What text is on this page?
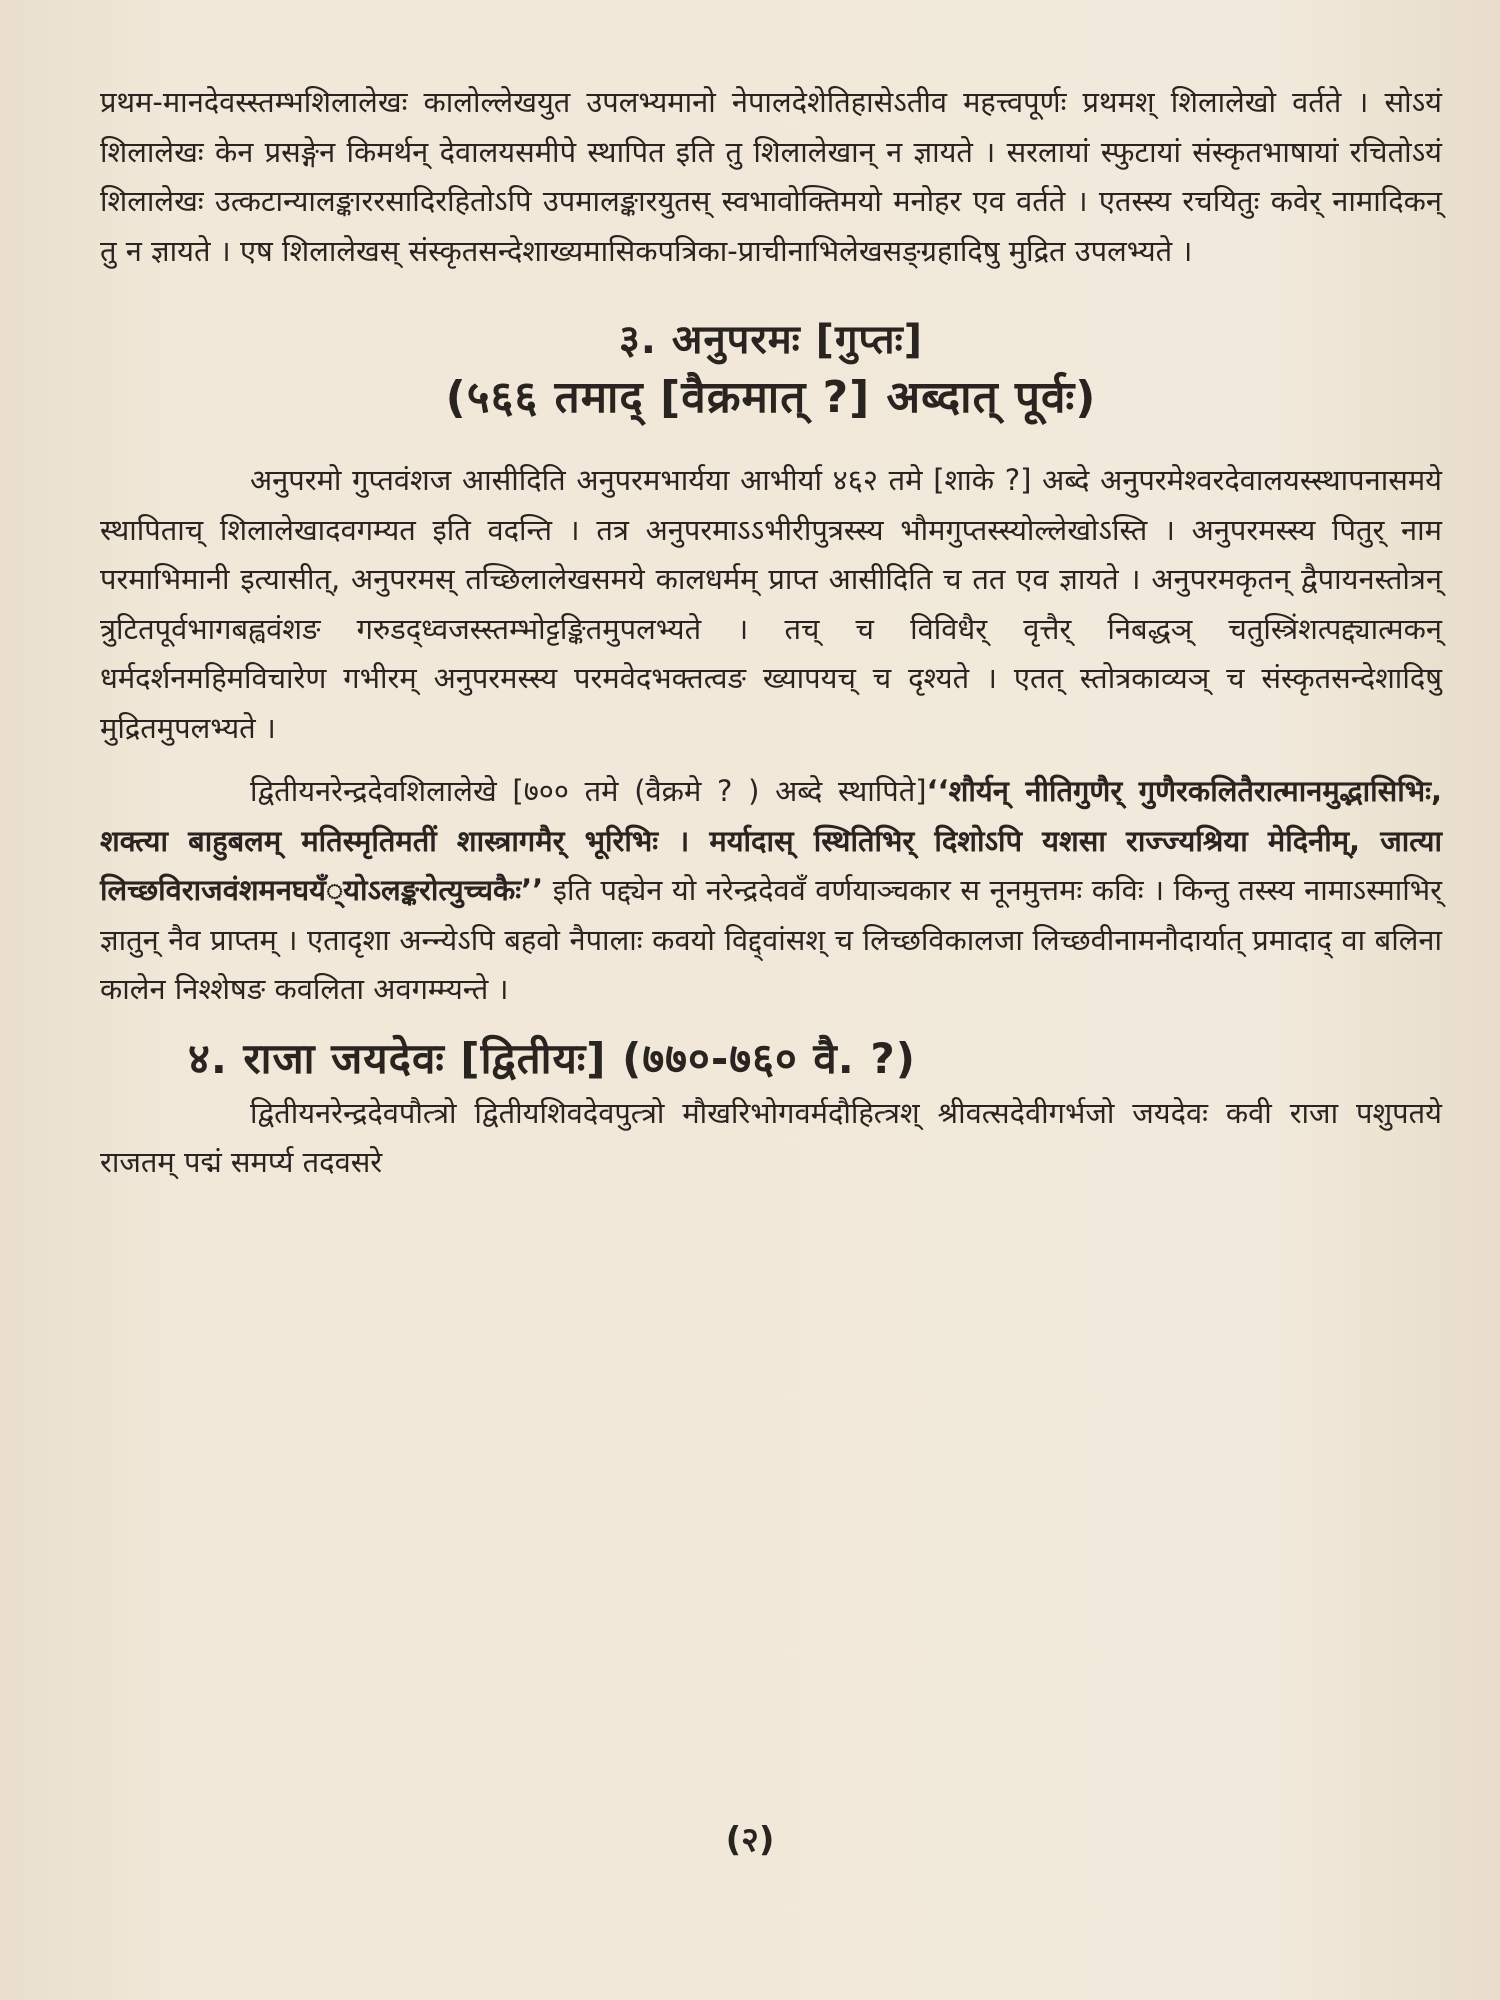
प्रथम-मानदेवस्स्तम्भशिलालेखः कालोल्लेखयुत उपलभ्यमानो नेपालदेशेतिहासेऽतीव महत्त्वपूर्णः प्रथमश् शिलालेखो वर्तते । सोऽयं शिलालेखः केन प्रसङ्गेन किमर्थन् देवालयसमीपे स्थापित इति तु शिलालेखान् न ज्ञायते । सरलायां स्फुटायां संस्कृतभाषायां रचितोऽयं शिलालेखः उत्कटान्यालङ्काररसादिरहितोऽपि उपमालङ्कारयुतस् स्वभावोक्तिमयो मनोहर एव वर्तते । एतस्स्य रचयितुः कवेर् नामादिकन् तु न ज्ञायते । एष शिलालेखस् संस्कृतसन्देशाख्यमासिकपत्रिका-प्राचीनाभिलेखसङ्ग्रहादिषु मुद्रित उपलभ्यते ।

३. अनुपरमः [गुप्तः]
(५६६ तमाद् [वैक्रमात् ?] अब्दात् पूर्वः)

अनुपरमो गुप्तवंशज आसीदिति अनुपरमभार्यया आभीर्या ४६२ तमे [शाके ?] अब्दे अनुपरमेश्वरदेवालयस्स्थापनासमये स्थापिताच् शिलालेखादवगम्यत इति वदन्ति । तत्र अनुपरमाऽऽभीरीपुत्रस्स्य भौमगुप्तस्स्योल्लेखोऽस्ति । अनुपरमस्स्य पितुर् नाम परमाभिमानी इत्यासीत्, अनुपरमस् तच्छिलालेखसमये कालधर्मम् प्राप्त आसीदिति च तत एव ज्ञायते । अनुपरमकृतन् द्वैपायनस्तोत्रन् त्रुटितपूर्वभागबह्ववंशङ गरुडद्ध्वजस्स्तम्भोट्टङ्कितमुपलभ्यते । तच् च विविधैर् वृत्तैर् निबद्धञ् चतुस्त्रिंशत्पद्द्यात्मकन् धर्मदर्शनमहिमविचारेण गभीरम् अनुपरमस्स्य परमवेदभक्तत्वङ ख्यापयच् च दृश्यते । एतत् स्तोत्रकाव्यञ् च संस्कृतसन्देशादिषु मुद्रितमुपलभ्यते ।

द्वितीयनरेन्द्रदेवशिलालेखे [७०० तमे (वैक्रमे ? ) अब्दे स्थापिते]‘‘शौर्यन् नीतिगुणैर् गुणैरकलितैरात्मानमुद्भासिभिः, शक्त्या बाहुबलम् मतिस्मृतिमतीं शास्त्रागमैर् भूरिभिः । मर्यादास् स्थितिभिर् दिशोऽपि यशसा राज्ज्यश्रिया मेदिनीम्, जात्या लिच्छविराजवंशमनघयँ्योऽलङ्करोत्युच्चकैः’’ इति पद्द्येन यो नरेन्द्रदेववँ वर्णयाञ्चकार स नूनमुत्तमः कविः । किन्तु तस्स्य नामाऽस्माभिर् ज्ञातुन् नैव प्राप्तम् । एतादृशा अन्न्येऽपि बहवो नैपालाः कवयो विद्द्वांसश् च लिच्छविकालजा लिच्छवीनामनौदार्यात् प्रमादाद् वा बलिना कालेन निश्शेषङ कवलिता अवगम्म्यन्ते ।

४. राजा जयदेवः [द्वितीयः] (७७०-७६० वै. ?)

द्वितीयनरेन्द्रदेवपौत्त्रो द्वितीयशिवदेवपुत्त्रो मौखरिभोगवर्मदौहित्त्रश् श्रीवत्सदेवीगर्भजो जयदेवः कवी राजा पशुपतये राजतम् पद्मं समर्प्य तदवसरे

(२)
